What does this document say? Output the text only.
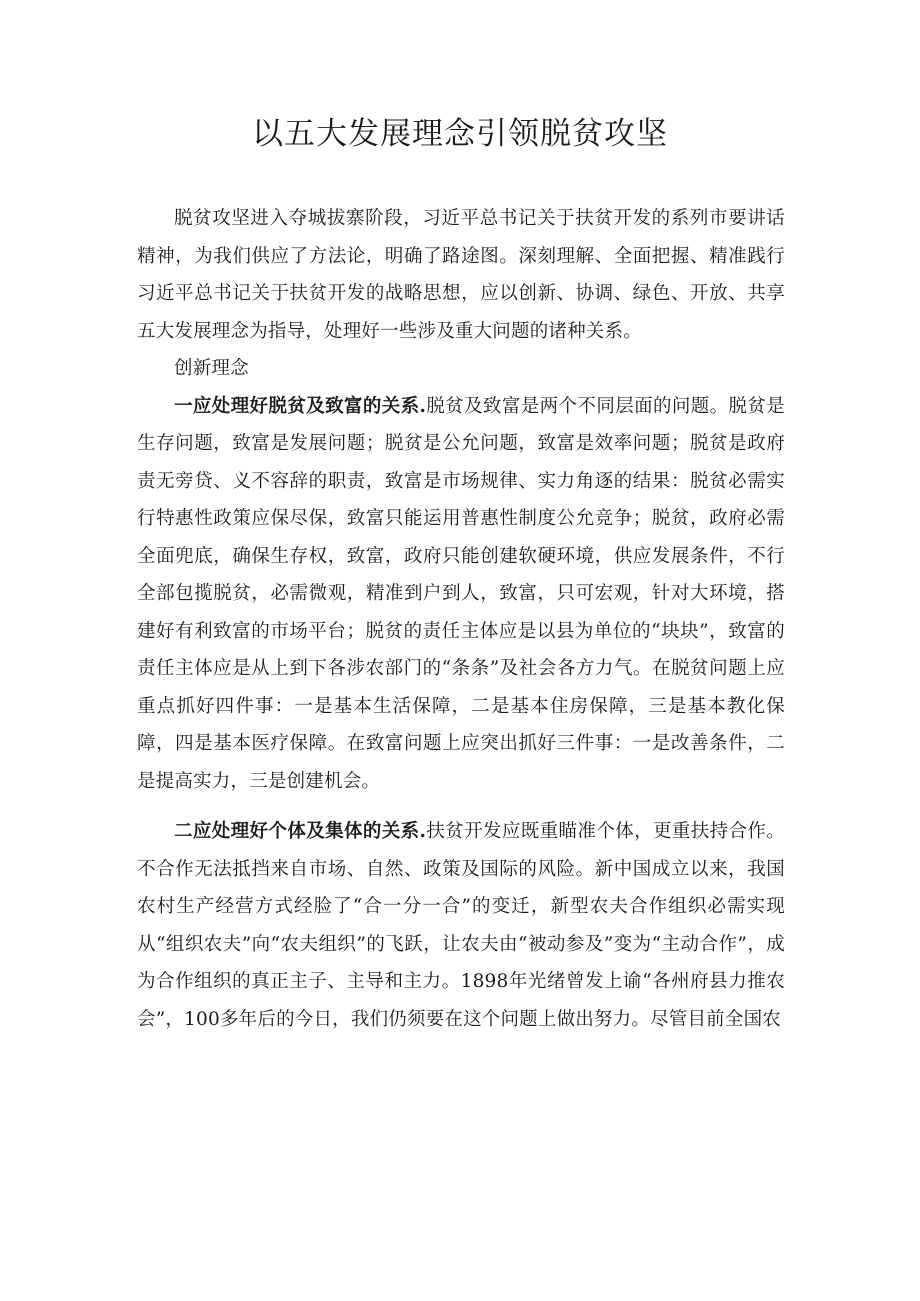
以五大发展理念引领脱贫攻坚

脱贫攻坚进入夺城拔寨阶段，习近平总书记关于扶贫开发的系列市要讲话精神，为我们供应了方法论，明确了路途图。深刻理解、全面把握、精准践行习近平总书记关于扶贫开发的战略思想，应以创新、协调、绿色、开放、共享五大发展理念为指导，处理好一些涉及重大问题的诸种关系。

创新理念

一应处理好脱贫及致富的关系.脱贫及致富是两个不同层面的问题。脱贫是生存问题，致富是发展问题；脱贫是公允问题，致富是效率问题；脱贫是政府责无旁贷、义不容辞的职责，致富是市场规律、实力角逐的结果：脱贫必需实行特惠性政策应保尽保，致富只能运用普惠性制度公允竞争；脱贫，政府必需全面兜底，确保生存权，致富，政府只能创建软硬环境，供应发展条件，不行全部包揽脱贫，必需微观，精准到户到人，致富，只可宏观，针对大环境，搭建好有利致富的市场平台；脱贫的责任主体应是以县为单位的“块块”，致富的责任主体应是从上到下各涉农部门的“条条”及社会各方力气。在脱贫问题上应重点抓好四件事：一是基本生活保障，二是基本住房保障，三是基本教化保障，四是基本医疗保障。在致富问题上应突出抓好三件事：一是改善条件，二是提高实力，三是创建机会。

二应处理好个体及集体的关系.扶贫开发应既重瞄准个体，更重扶持合作。不合作无法抵挡来自市场、自然、政策及国际的风险。新中国成立以来，我国农村生产经营方式经脸了“合一分一合”的变迁，新型农夫合作组织必需实现从“组织农夫”向“农夫组织”的飞跃，让农夫由“被动参及”变为“主动合作”，成为合作组织的真正主子、主导和主力。1898年光绪曾发上谕“各州府县力推农会”，100多年后的今日，我们仍须要在这个问题上做出努力。尽管目前全国农
